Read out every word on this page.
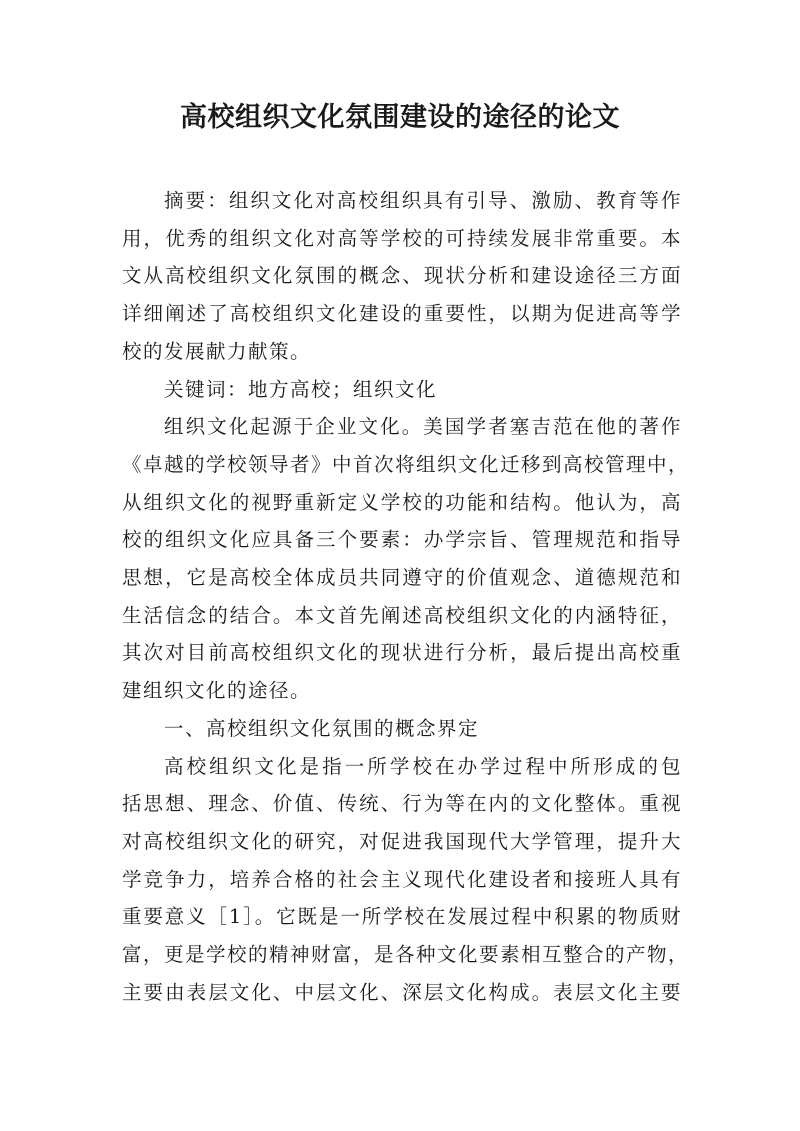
高校组织文化氛围建设的途径的论文

摘要：组织文化对高校组织具有引导、激励、教育等作
用，优秀的组织文化对高等学校的可持续发展非常重要。本
文从高校组织文化氛围的概念、现状分析和建设途径三方面
详细阐述了高校组织文化建设的重要性，以期为促进高等学
校的发展献力献策。

关键词：地方高校；组织文化

组织文化起源于企业文化。美国学者塞吉范在他的著作
《卓越的学校领导者》中首次将组织文化迁移到高校管理中，
从组织文化的视野重新定义学校的功能和结构。他认为，高
校的组织文化应具备三个要素：办学宗旨、管理规范和指导
思想，它是高校全体成员共同遵守的价值观念、道德规范和
生活信念的结合。本文首先阐述高校组织文化的内涵特征，
其次对目前高校组织文化的现状进行分析，最后提出高校重
建组织文化的途径。

一、高校组织文化氛围的概念界定

高校组织文化是指一所学校在办学过程中所形成的包
括思想、理念、价值、传统、行为等在内的文化整体。重视
对高校组织文化的研究，对促进我国现代大学管理，提升大
学竞争力，培养合格的社会主义现代化建设者和接班人具有
重要意义［1］。它既是一所学校在发展过程中积累的物质财
富，更是学校的精神财富，是各种文化要素相互整合的产物，
主要由表层文化、中层文化、深层文化构成。表层文化主要
